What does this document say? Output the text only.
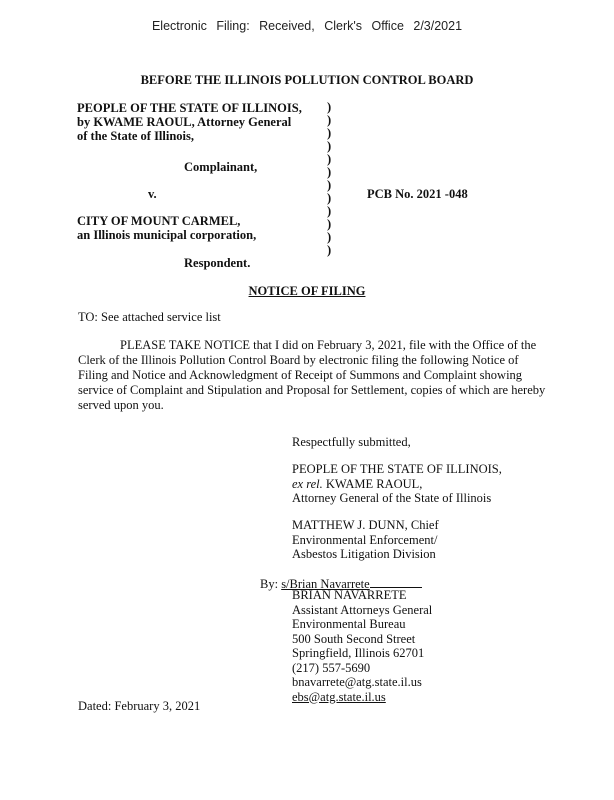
Electronic Filing: Received, Clerk's Office 2/3/2021
BEFORE THE ILLINOIS POLLUTION CONTROL BOARD
PEOPLE OF THE STATE OF ILLINOIS,
by KWAME RAOUL, Attorney General
of the State of Illinois,
Complainant,
v.	PCB No. 2021 -048
CITY OF MOUNT CARMEL,
an Illinois municipal corporation,
Respondent.
)
)
)
)
)
)
)
)
)
)
)
)
NOTICE OF FILING
TO: See attached service list
PLEASE TAKE NOTICE that I did on February 3, 2021, file with the Office of the Clerk of the Illinois Pollution Control Board by electronic filing the following Notice of Filing and Notice and Acknowledgment of Receipt of Summons and Complaint showing service of Complaint and Stipulation and Proposal for Settlement, copies of which are hereby served upon you.
Respectfully submitted,
PEOPLE OF THE STATE OF ILLINOIS,
ex rel. KWAME RAOUL,
Attorney General of the State of Illinois
MATTHEW J. DUNN, Chief
Environmental Enforcement/
Asbestos Litigation Division
By: s/Brian Navarrete
BRIAN NAVARRETE
Assistant Attorneys General
Environmental Bureau
500 South Second Street
Springfield, Illinois 62701
(217) 557-5690
bnavarrete@atg.state.il.us
ebs@atg.state.il.us
Dated: February 3, 2021
